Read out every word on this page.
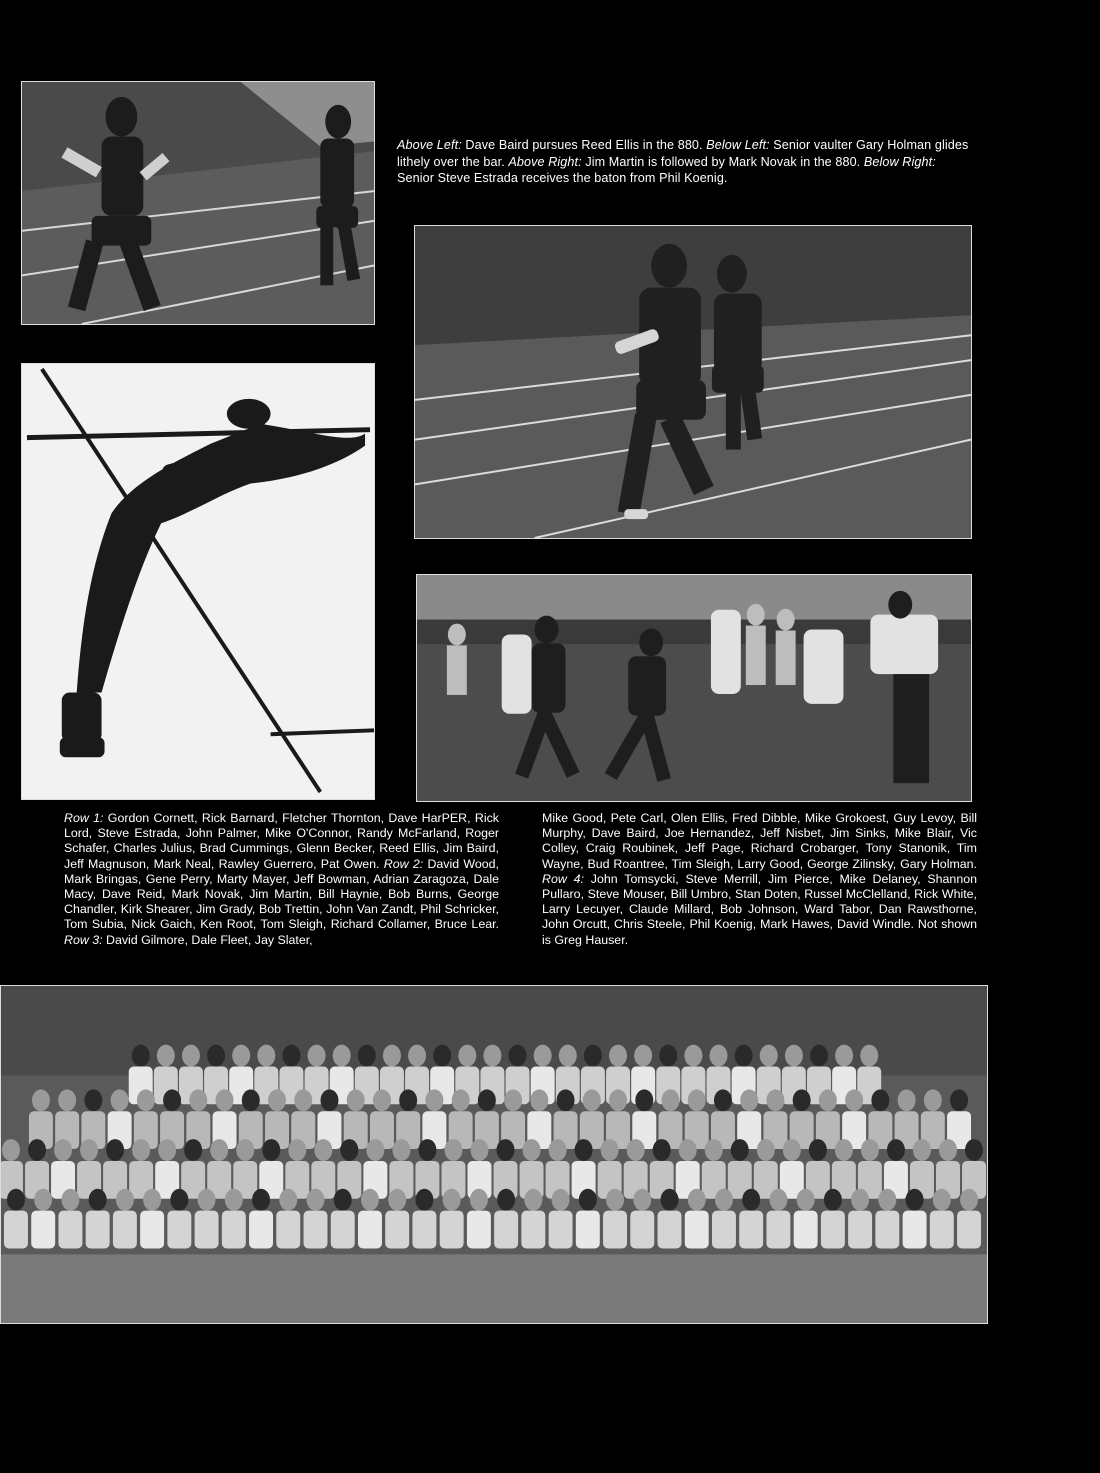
Above Left: Dave Baird pursues Reed Ellis in the 880. Below Left: Senior vaulter Gary Holman glides lithely over the bar. Above Right: Jim Martin is followed by Mark Novak in the 880. Below Right: Senior Steve Estrada receives the baton from Phil Koenig.
Row 1: Gordon Cornett, Rick Barnard, Fletcher Thornton, Dave HarPER, Rick Lord, Steve Estrada, John Palmer, Mike O'Connor, Randy McFarland, Roger Schafer, Charles Julius, Brad Cummings, Glenn Becker, Reed Ellis, Jim Baird, Jeff Magnuson, Mark Neal, Rawley Guerrero, Pat Owen. Row 2: David Wood, Mark Bringas, Gene Perry, Marty Mayer, Jeff Bowman, Adrian Zaragoza, Dale Macy, Dave Reid, Mark Novak, Jim Martin, Bill Haynie, Bob Burns, George Chandler, Kirk Shearer, Jim Grady, Bob Trettin, John Van Zandt, Phil Schricker, Tom Subia, Nick Gaich, Ken Root, Tom Sleigh, Richard Collamer, Bruce Lear. Row 3: David Gilmore, Dale Fleet, Jay Slater,
Mike Good, Pete Carl, Olen Ellis, Fred Dibble, Mike Grokoest, Guy Levoy, Bill Murphy, Dave Baird, Joe Hernandez, Jeff Nisbet, Jim Sinks, Mike Blair, Vic Colley, Craig Roubinek, Jeff Page, Richard Crobarger, Tony Stanonik, Tim Wayne, Bud Roantree, Tim Sleigh, Larry Good, George Zilinsky, Gary Holman. Row 4: John Tomsycki, Steve Merrill, Jim Pierce, Mike Delaney, Shannon Pullaro, Steve Mouser, Bill Umbro, Stan Doten, Russel McClelland, Rick White, Larry Lecuyer, Claude Millard, Bob Johnson, Ward Tabor, Dan Rawsthorne, John Orcutt, Chris Steele, Phil Koenig, Mark Hawes, David Windle. Not shown is Greg Hauser.
